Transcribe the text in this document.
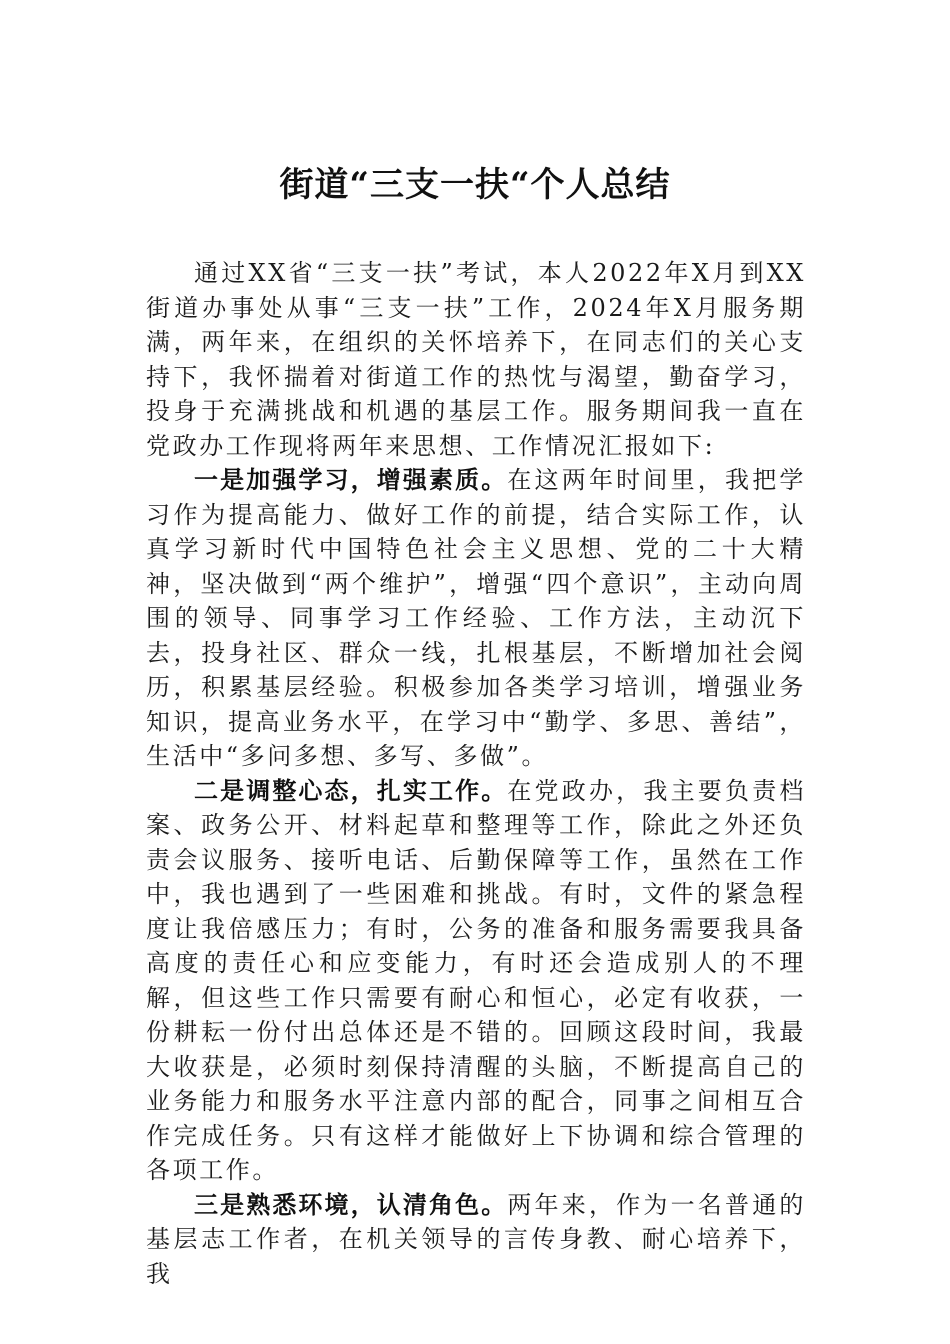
街道“三支一扶“个人总结

通过XX省“三支一扶”考试，本人2022年X月到XX街道办事处从事“三支一扶”工作，2024年X月服务期满，两年来，在组织的关怀培养下，在同志们的关心支持下，我怀揣着对街道工作的热忱与渴望，勤奋学习，投身于充满挑战和机遇的基层工作。服务期间我一直在党政办工作现将两年来思想、工作情况汇报如下:

一是加强学习，增强素质。在这两年时间里，我把学习作为提高能力、做好工作的前提，结合实际工作，认真学习新时代中国特色社会主义思想、党的二十大精神，坚决做到“两个维护”，增强“四个意识”，主动向周围的领导、同事学习工作经验、工作方法，主动沉下去，投身社区、群众一线，扎根基层，不断增加社会阅历，积累基层经验。积极参加各类学习培训，增强业务知识，提高业务水平，在学习中“勤学、多思、善结”，生活中“多问多想、多写、多做”。

二是调整心态，扎实工作。在党政办，我主要负责档案、政务公开、材料起草和整理等工作，除此之外还负责会议服务、接听电话、后勤保障等工作，虽然在工作中，我也遇到了一些困难和挑战。有时，文件的紧急程度让我倍感压力；有时，公务的准备和服务需要我具备高度的责任心和应变能力，有时还会造成别人的不理解，但这些工作只需要有耐心和恒心，必定有收获，一份耕耘一份付出总体还是不错的。回顾这段时间，我最大收获是，必须时刻保持清醒的头脑，不断提高自己的业务能力和服务水平注意内部的配合，同事之间相互合作完成任务。只有这样才能做好上下协调和综合管理的各项工作。

三是熟悉环境，认清角色。两年来，作为一名普通的基层志工作者，在机关领导的言传身教、耐心培养下，我
